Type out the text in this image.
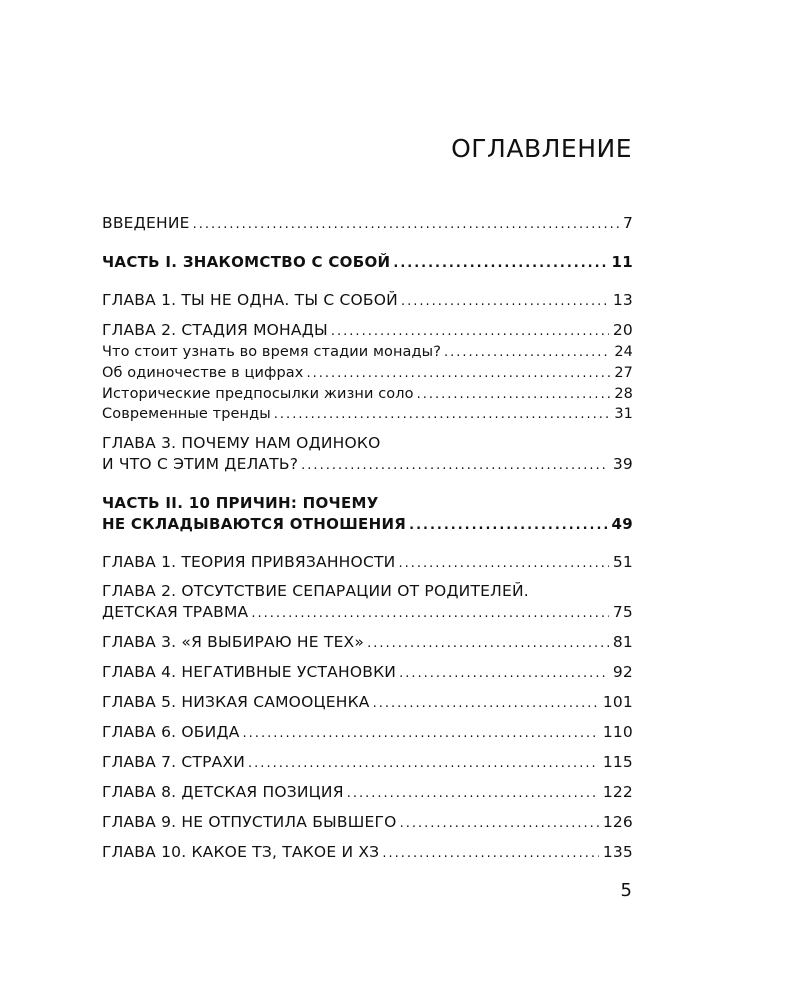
ОГЛАВЛЕНИЕ
ВВЕДЕНИЕ .....	7
ЧАСТЬ I. ЗНАКОМСТВО С СОБОЙ .....	11
ГЛАВА 1. ТЫ НЕ ОДНА. ТЫ С СОБОЙ .....	13
ГЛАВА 2. СТАДИЯ МОНАДЫ .....	20
Что стоит узнать во время стадии монады? .....	24
Об одиночестве в цифрах .....	27
Исторические предпосылки жизни соло .....	28
Современные тренды .....	31
ГЛАВА 3. ПОЧЕМУ НАМ ОДИНОКО
И ЧТО С ЭТИМ ДЕЛАТЬ? .....	39
ЧАСТЬ II. 10 ПРИЧИН: ПОЧЕМУ
НЕ СКЛАДЫВАЮТСЯ ОТНОШЕНИЯ .....	49
ГЛАВА 1. ТЕОРИЯ ПРИВЯЗАННОСТИ .....	51
ГЛАВА 2. ОТСУТСТВИЕ СЕПАРАЦИИ ОТ РОДИТЕЛЕЙ.
ДЕТСКАЯ ТРАВМА .....	75
ГЛАВА 3. «Я ВЫБИРАЮ НЕ ТЕХ» .....	81
ГЛАВА 4. НЕГАТИВНЫЕ УСТАНОВКИ .....	92
ГЛАВА 5. НИЗКАЯ САМООЦЕНКА .....	101
ГЛАВА 6. ОБИДА .....	110
ГЛАВА 7. СТРАХИ .....	115
ГЛАВА 8. ДЕТСКАЯ ПОЗИЦИЯ .....	122
ГЛАВА 9. НЕ ОТПУСТИЛА БЫВШЕГО .....	126
ГЛАВА 10. КАКОЕ ТЗ, ТАКОЕ И ХЗ .....	135
5
